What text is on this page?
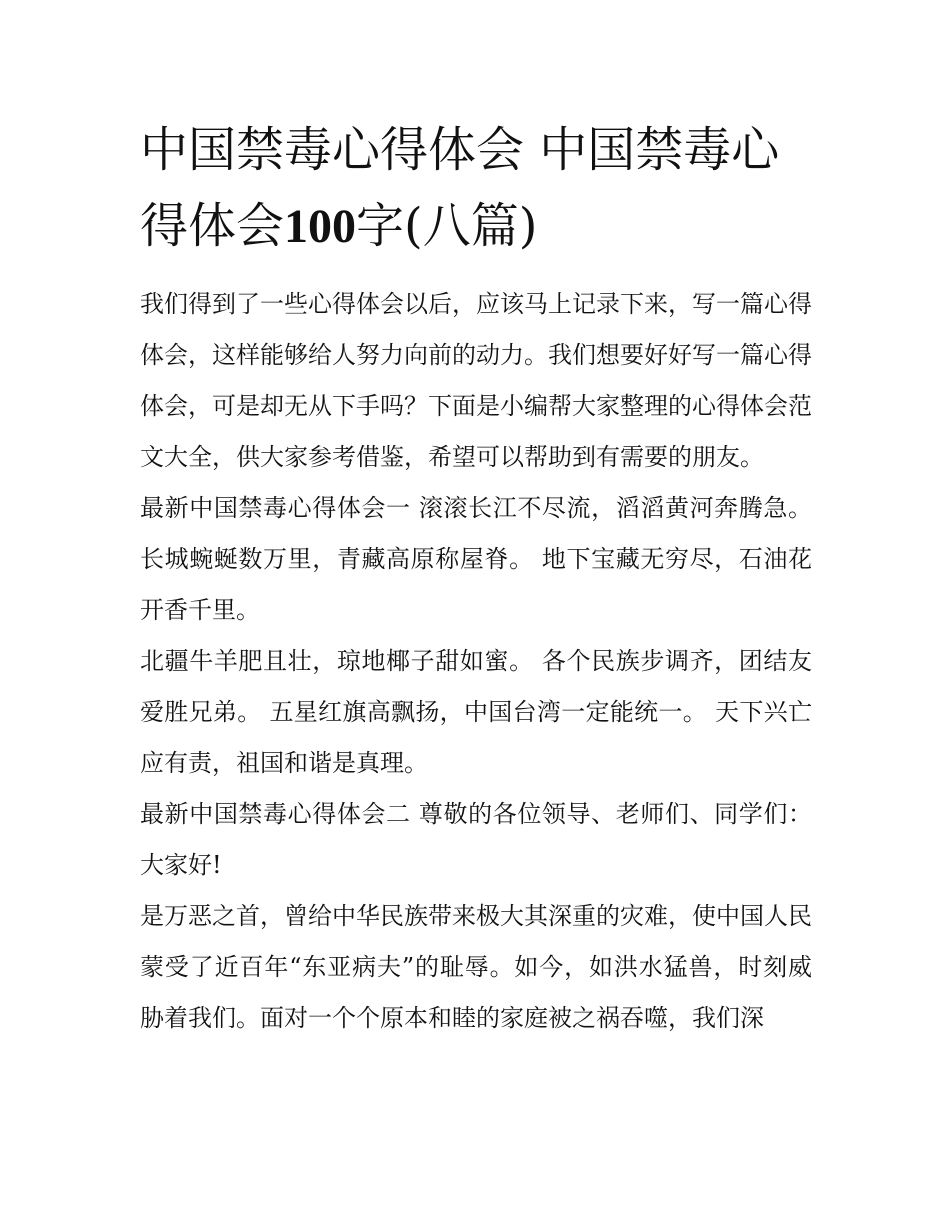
中国禁毒心得体会 中国禁毒心得体会100字(八篇)

我们得到了一些心得体会以后，应该马上记录下来，写一篇心得体会，这样能够给人努力向前的动力。我们想要好好写一篇心得体会，可是却无从下手吗？下面是小编帮大家整理的心得体会范文大全，供大家参考借鉴，希望可以帮助到有需要的朋友。

最新中国禁毒心得体会一 滚滚长江不尽流，滔滔黄河奔腾急。 长城蜿蜒数万里，青藏高原称屋脊。 地下宝藏无穷尽，石油花开香千里。

北疆牛羊肥且壮，琼地椰子甜如蜜。 各个民族步调齐，团结友爱胜兄弟。 五星红旗高飘扬，中国台湾一定能统一。 天下兴亡应有责，祖国和谐是真理。

最新中国禁毒心得体会二 尊敬的各位领导、老师们、同学们： 大家好!

是万恶之首，曾给中华民族带来极大其深重的灾难，使中国人民蒙受了近百年“东亚病夫”的耻辱。如今，如洪水猛兽，时刻威胁着我们。面对一个个原本和睦的家庭被之祸吞噬，我们深
